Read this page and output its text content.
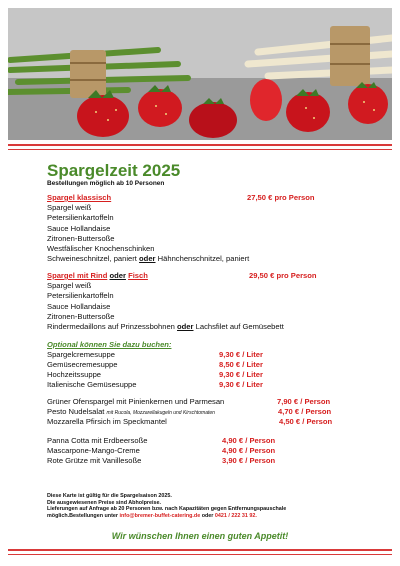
Spargelzeit 2025
Bestellungen möglich ab 10 Personen
Spargel klassisch
Spargel weiß
Petersilienkartoffeln
Sauce Hollandaise
Zitronen-Buttersoße
Westfälischer Knochenschinken
Schweineschnitzel, paniert oder Hähnchenschnitzel, paniert
27,50 € pro Person
Spargel mit Rind oder Fisch
Spargel weiß
Petersilienkartoffeln
Sauce Hollandaise
Zitronen-Buttersoße
Rindermedaillons auf Prinzessbohnen oder Lachsfilet auf Gemüsebett
29,50 € pro Person
Optional können Sie dazu buchen:
Spargelcremesuppe	9,30 € / Liter
Gemüsecremesuppe	8,50 € / Liter
Hochzeitssuppe	9,30 € / Liter
Italienische Gemüsesuppe	9,30 € / Liter
Grüner Ofenspargel mit Pinienkernen und Parmesan	7,90 € / Person
Pesto Nudelsalat mit Rucola, Mozzarellakugeln und Kirschtomaten	4,70 € / Person
Mozzarella Pfirsich im Speckmantel	4,50 € / Person
Panna Cotta mit Erdbeersoße	4,90 € / Person
Mascarpone-Mango-Creme	4,90 € / Person
Rote Grütze mit Vanillesoße	3,90 € / Person
Diese Karte ist gültig für die Spargelsaison 2025.
Die ausgewiesenen Preise sind Abholpreise.
Lieferungen auf Anfrage ab 20 Personen bzw. nach Kapazitäten gegen Entfernungspauschale
möglich.Bestellungen unter info@bremer-buffet-catering.de oder 0421 / 222 31 92.
Wir wünschen Ihnen einen guten Appetit!
